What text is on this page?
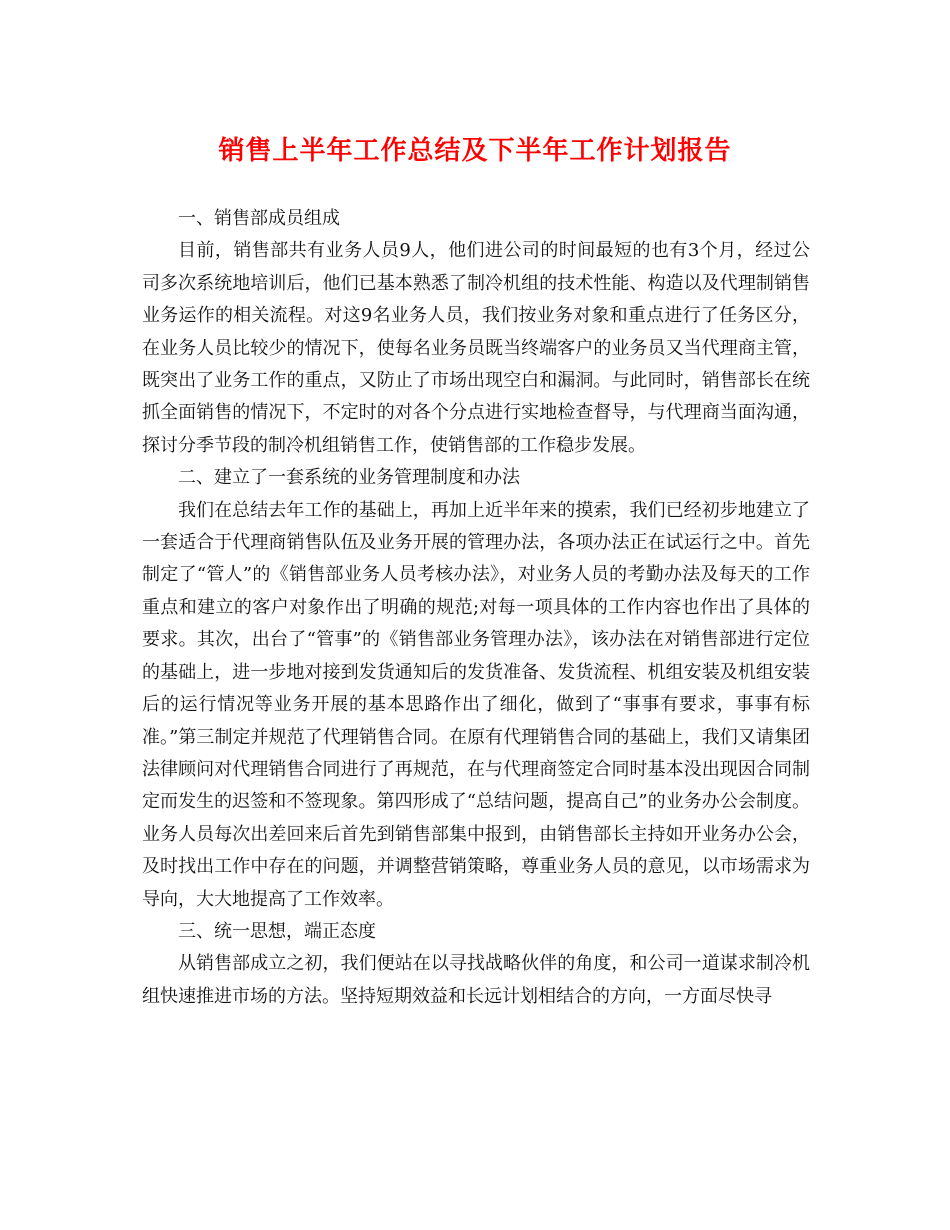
销售上半年工作总结及下半年工作计划报告

一、销售部成员组成

目前，销售部共有业务人员9人，他们进公司的时间最短的也有3个月，经过公司多次系统地培训后，他们已基本熟悉了制冷机组的技术性能、构造以及代理制销售业务运作的相关流程。对这9名业务人员，我们按业务对象和重点进行了任务区分，在业务人员比较少的情况下，使每名业务员既当终端客户的业务员又当代理商主管，既突出了业务工作的重点，又防止了市场出现空白和漏洞。与此同时，销售部长在统抓全面销售的情况下，不定时的对各个分点进行实地检查督导，与代理商当面沟通，探讨分季节段的制冷机组销售工作，使销售部的工作稳步发展。

二、建立了一套系统的业务管理制度和办法

我们在总结去年工作的基础上，再加上近半年来的摸索，我们已经初步地建立了一套适合于代理商销售队伍及业务开展的管理办法，各项办法正在试运行之中。首先制定了“管人”的《销售部业务人员考核办法》，对业务人员的考勤办法及每天的工作重点和建立的客户对象作出了明确的规范;对每一项具体的工作内容也作出了具体的要求。其次，出台了“管事”的《销售部业务管理办法》，该办法在对销售部进行定位的基础上，进一步地对接到发货通知后的发货准备、发货流程、机组安装及机组安装后的运行情况等业务开展的基本思路作出了细化，做到了“事事有要求，事事有标准。”第三制定并规范了代理销售合同。在原有代理销售合同的基础上，我们又请集团法律顾问对代理销售合同进行了再规范，在与代理商签定合同时基本没出现因合同制定而发生的迟签和不签现象。第四形成了“总结问题，提高自己”的业务办公会制度。业务人员每次出差回来后首先到销售部集中报到，由销售部长主持如开业务办公会，及时找出工作中存在的问题，并调整营销策略，尊重业务人员的意见，以市场需求为导向，大大地提高了工作效率。

三、统一思想，端正态度

从销售部成立之初，我们便站在以寻找战略伙伴的角度，和公司一道谋求制冷机组快速推进市场的方法。坚持短期效益和长远计划相结合的方向，一方面尽快寻
